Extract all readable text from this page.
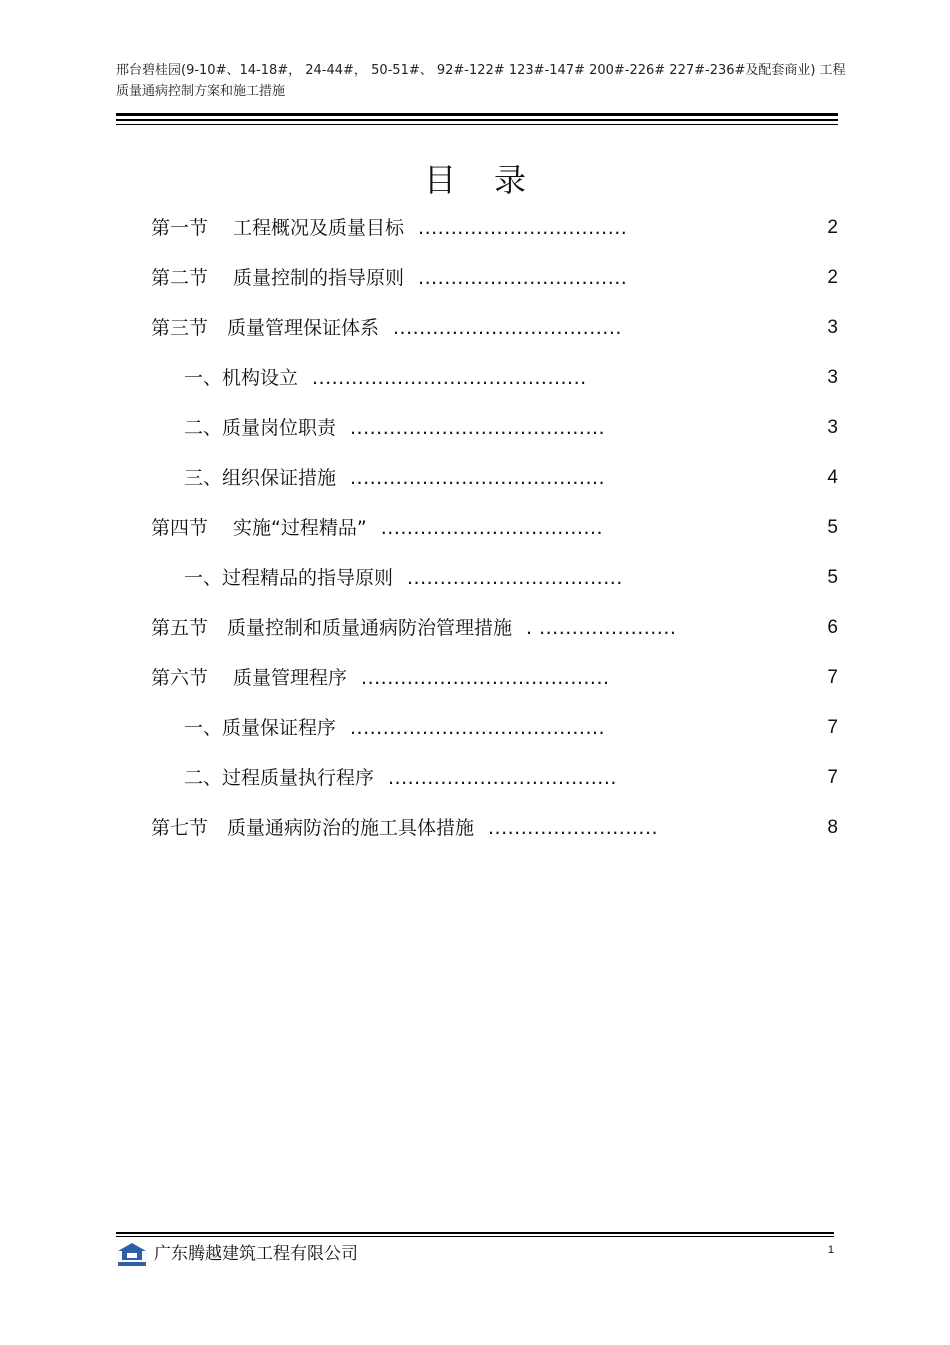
邢台碧桂园(9-10#、14-18#， 24-44#， 50-51#、 92#-122# 123#-147# 200#-226# 227#-236#及配套商业) 工程
质量通病控制方案和施工措施
目录
第一节　 工程概况及质量目标 ................................	2
第二节　 质量控制的指导原则 ................................	2
第三节　质量管理保证体系 ...................................	3
一、机构设立 ..........................................	3
二、质量岗位职责 .......................................	3
三、组织保证措施 .......................................	4
第四节　 实施“过程精品” ..................................	5
一、过程精品的指导原则 .................................	5
第五节　质量控制和质量通病防治管理措施 . .....................	6
第六节　 质量管理程序 ......................................	7
一、质量保证程序 .......................................	7
二、过程质量执行程序 ...................................	7
第七节　质量通病防治的施工具体措施 ..........................	8
广东腾越建筑工程有限公司	1
